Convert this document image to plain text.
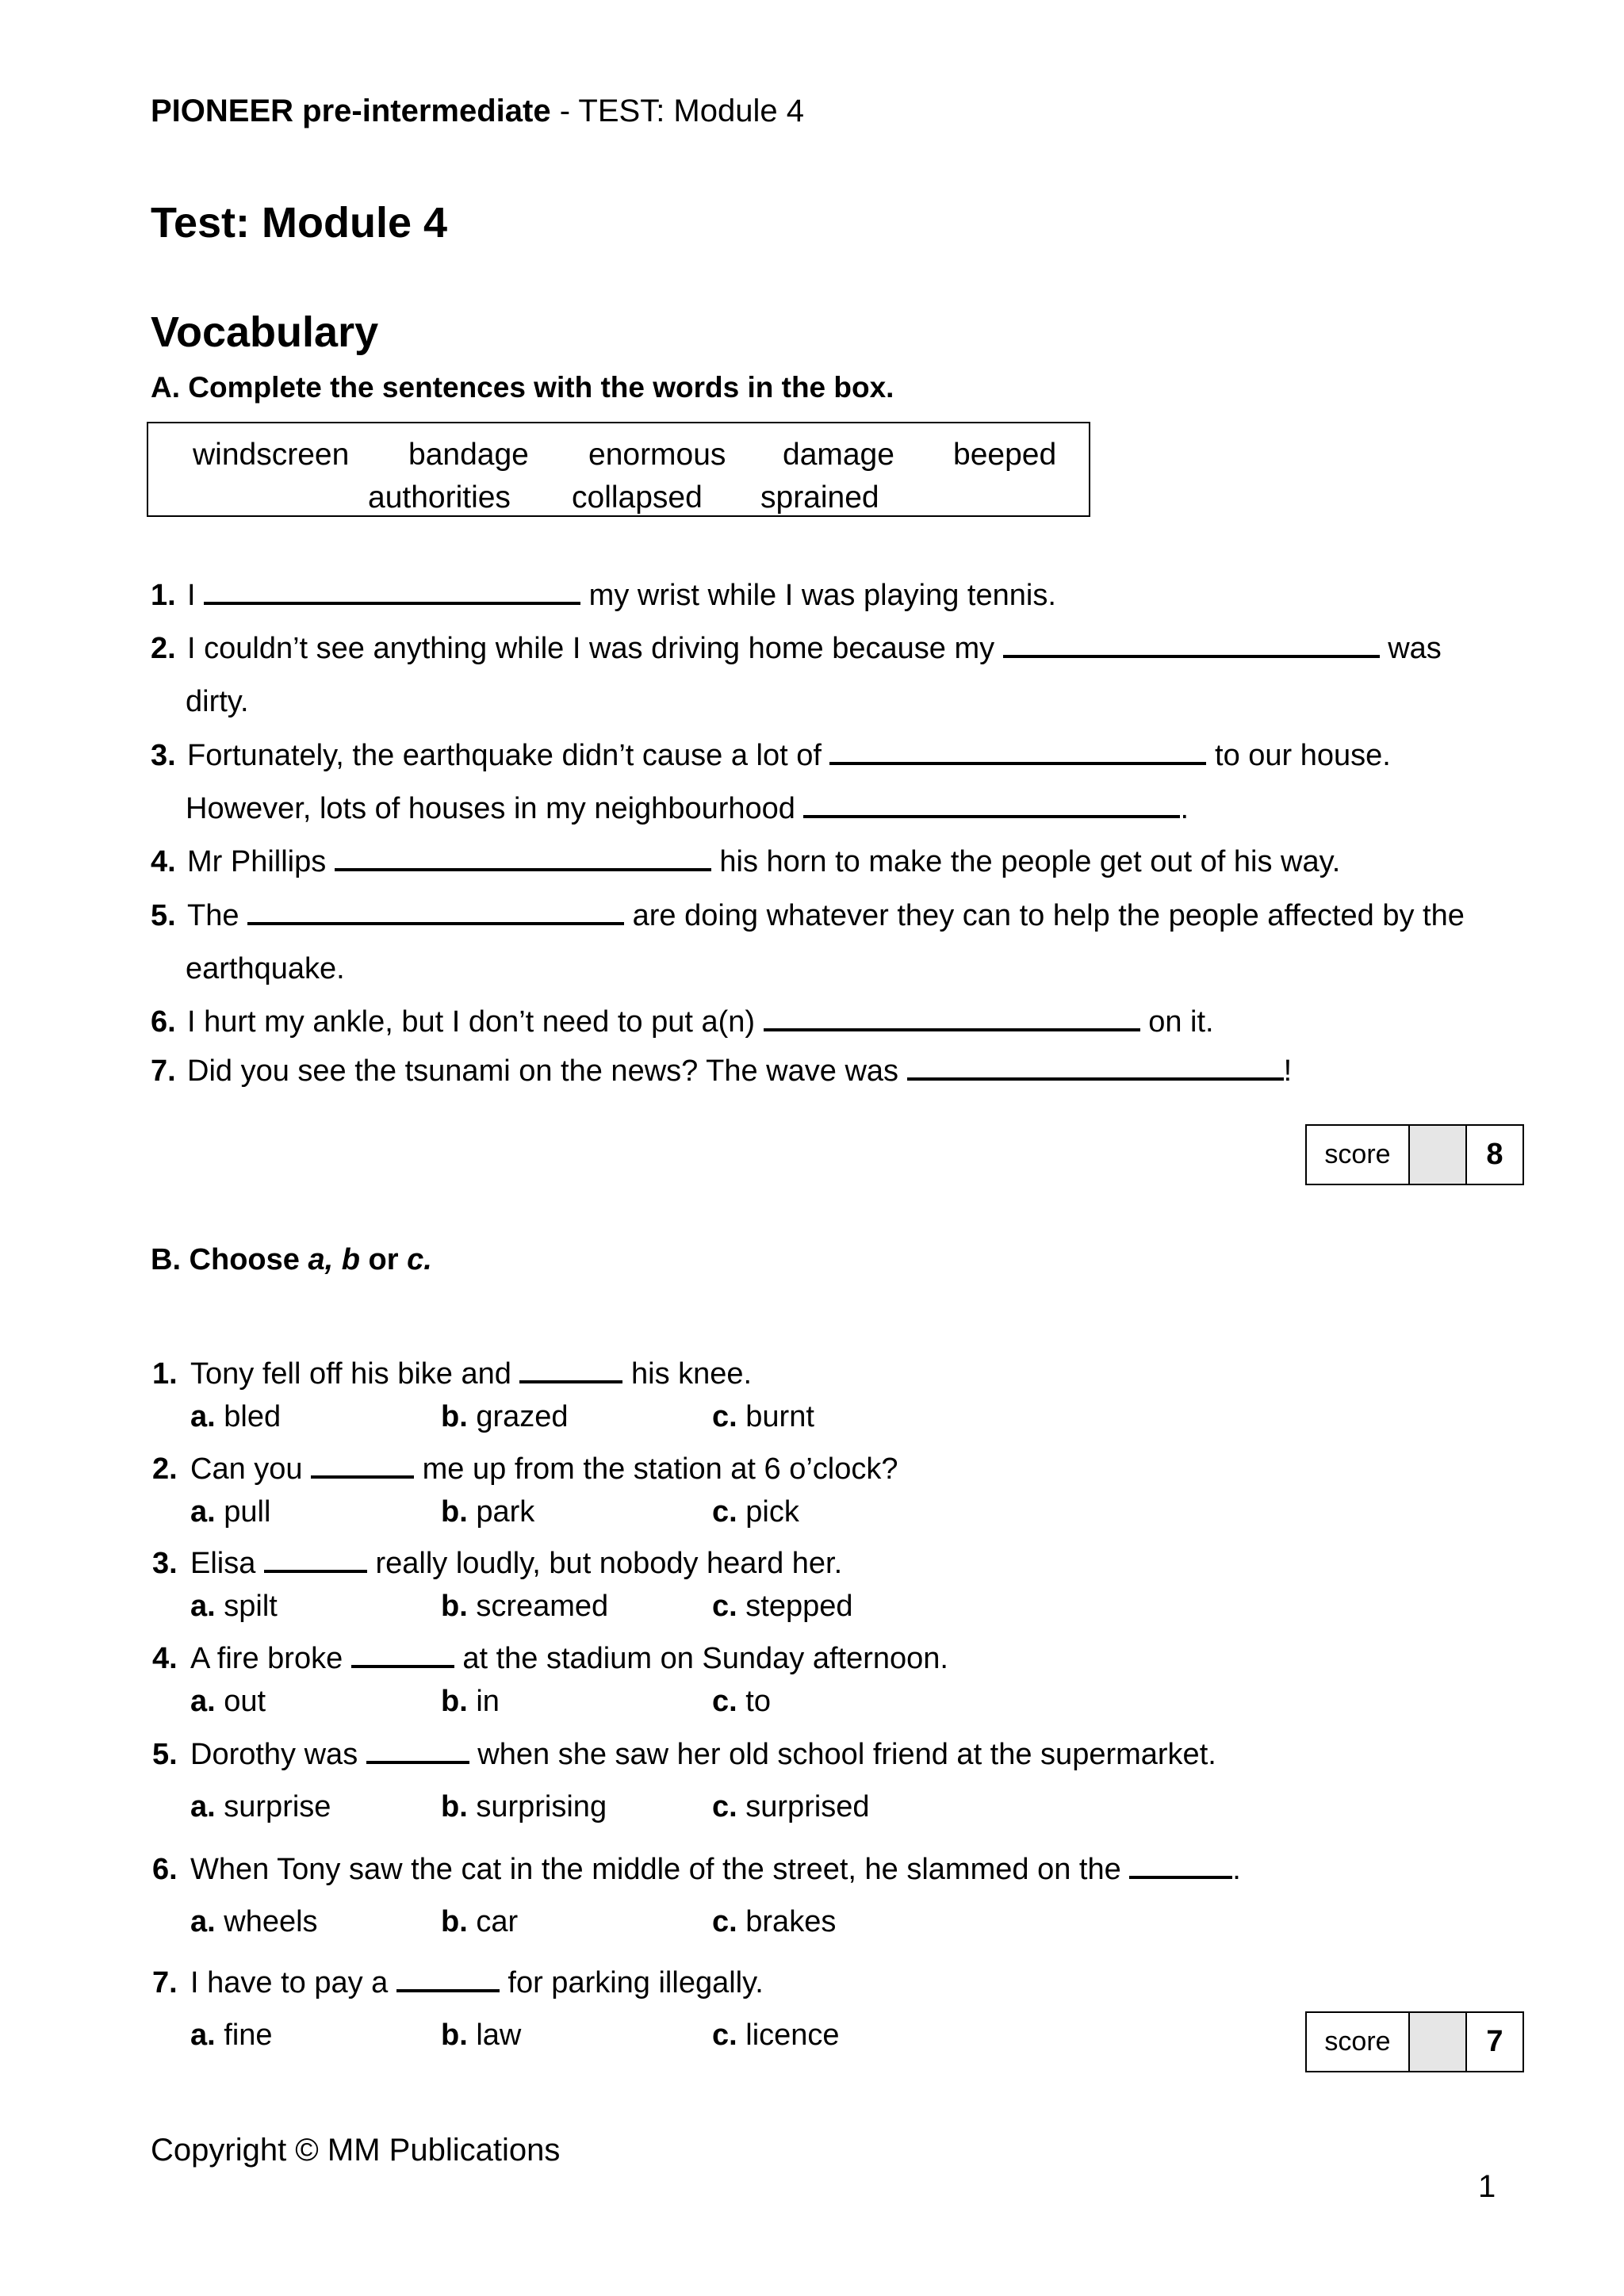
PIONEER pre-intermediate - TEST: Module 4
Test: Module 4
Vocabulary
A. Complete the sentences with the words in the box.
windscreen bandage enormous damage beeped
authorities collapsed sprained
1. I	my wrist while I was playing tennis.
2. I couldn’t see anything while I was driving home because my	was
dirty.
3. Fortunately, the earthquake didn’t cause a lot of	to our house.
However, lots of houses in my neighbourhood	.
4. Mr Phillips	his horn to make the people get out of his way.
5. The	are doing whatever they can to help the people affected by the
earthquake.
6. I hurt my ankle, but I don’t need to put a(n)	on it.
7. Did you see the tsunami on the news? The wave was	!
score	8
B. Choose a, b or c.
1. Tony fell off his bike and	his knee.
a. bled	b. grazed	c. burnt
2. Can you	me up from the station at 6 o’clock?
a. pull	b. park	c. pick
3. Elisa	really loudly, but nobody heard her.
a. spilt	b. screamed	c. stepped
4. A fire broke	at the stadium on Sunday afternoon.
a. out	b. in	c. to
5. Dorothy was	when she saw her old school friend at the supermarket.
a. surprise	b. surprising	c. surprised
6. When Tony saw the cat in the middle of the street, he slammed on the	.
a. wheels	b. car	c. brakes
7. I have to pay a	for parking illegally.
a. fine	b. law	c. licence	score	7
Copyright © MM Publications
1
